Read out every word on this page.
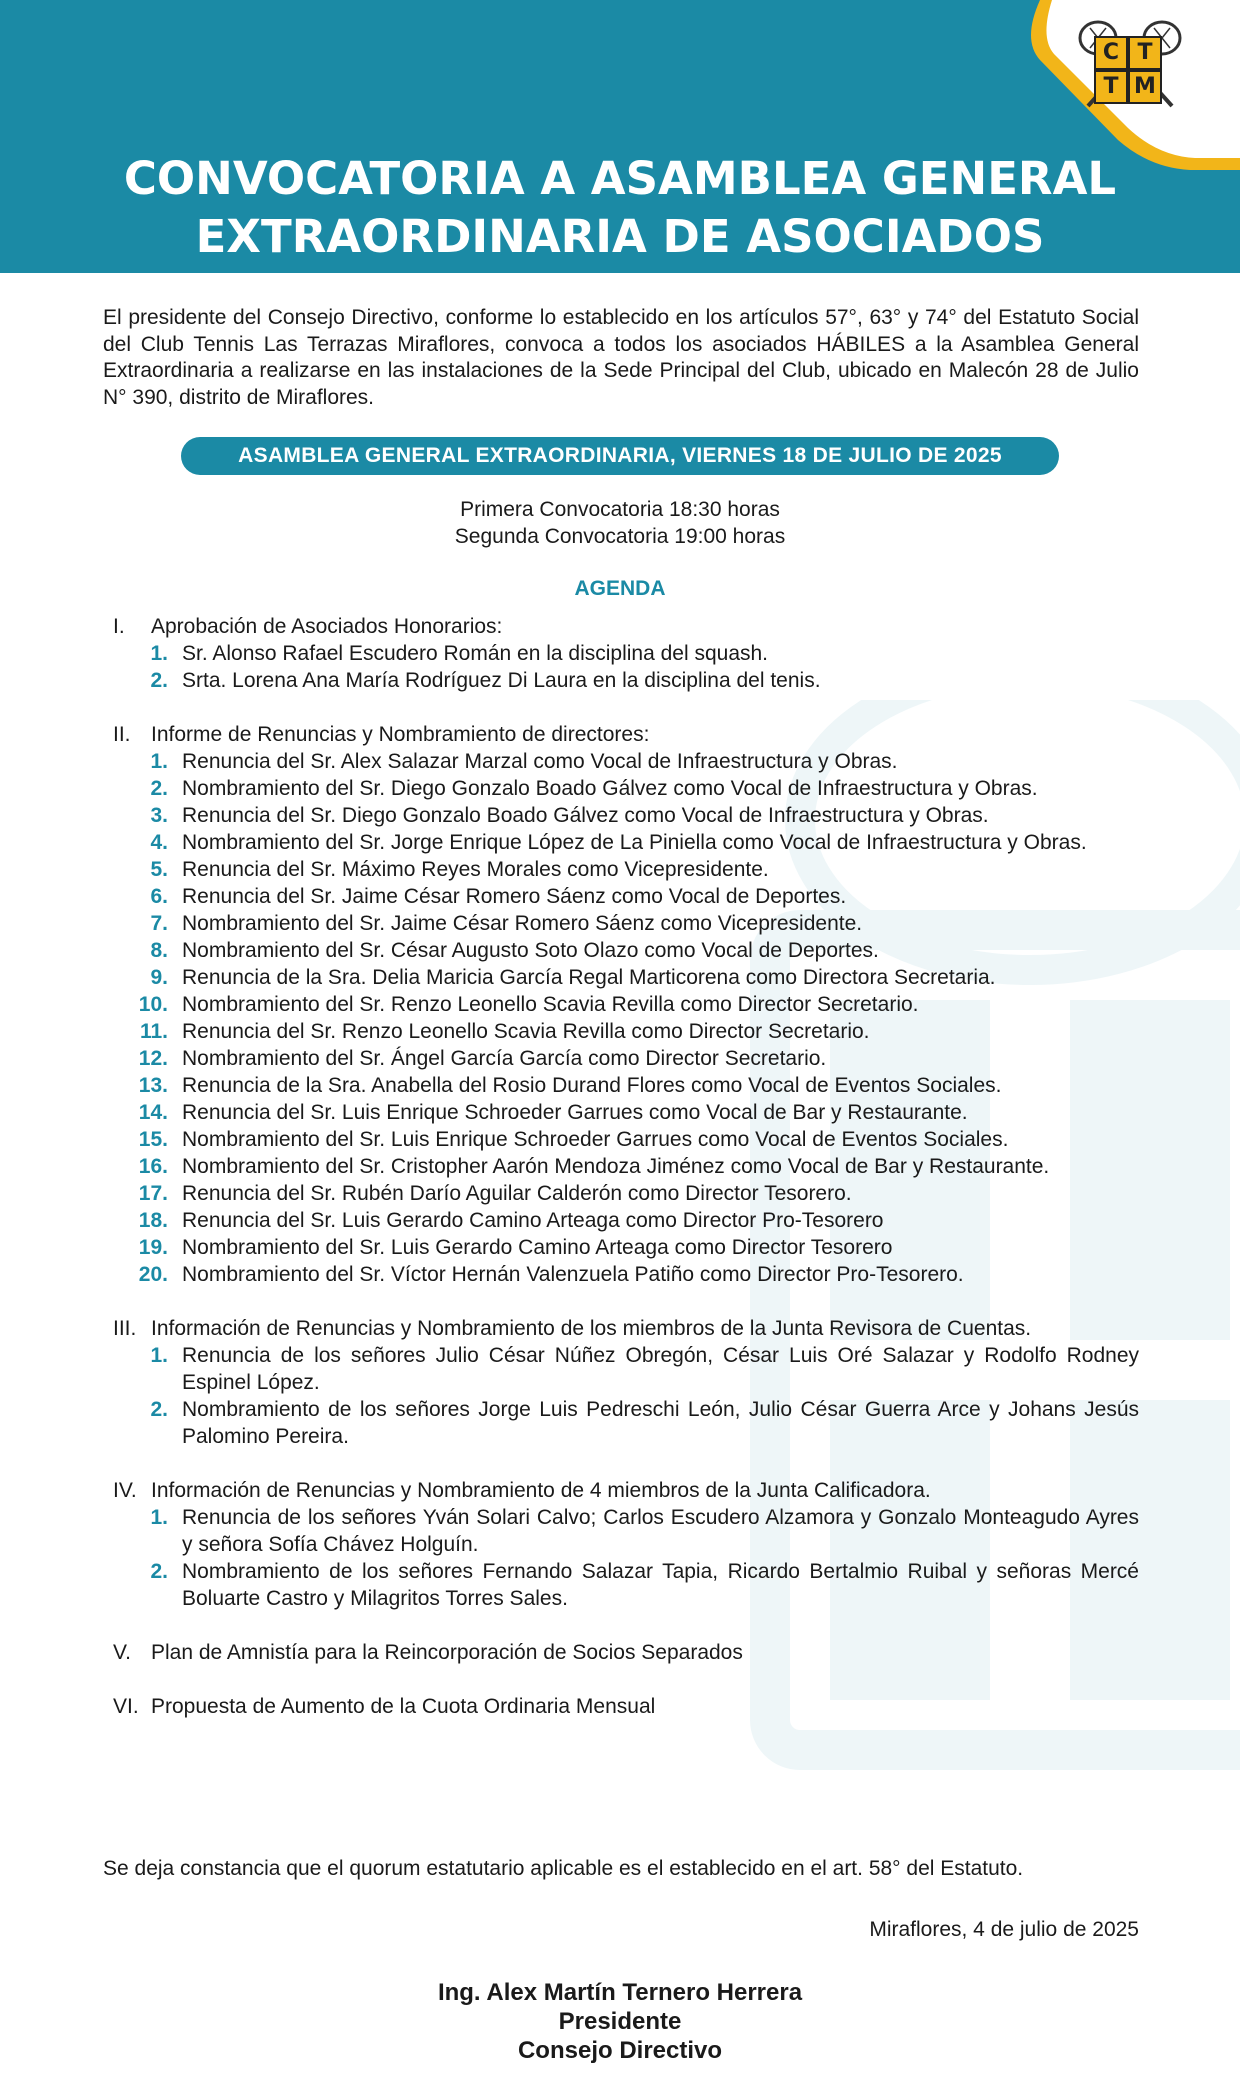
C T
T M
CONVOCATORIA A ASAMBLEA GENERAL
EXTRAORDINARIA DE ASOCIADOS
El presidente del Consejo Directivo, conforme lo establecido en los artículos 57°, 63° y 74° del Estatuto Social del Club Tennis Las Terrazas Miraflores, convoca a todos los asociados HÁBILES a la Asamblea General Extraordinaria a realizarse en las instalaciones de la Sede Principal del Club, ubicado en Malecón 28 de Julio N° 390, distrito de Miraflores.
ASAMBLEA GENERAL EXTRAORDINARIA, VIERNES 18 DE JULIO DE 2025
Primera Convocatoria 18:30 horas
Segunda Convocatoria 19:00 horas
AGENDA
I.	Aprobación de Asociados Honorarios:
1. Sr. Alonso Rafael Escudero Román en la disciplina del squash.
2. Srta. Lorena Ana María Rodríguez Di Laura en la disciplina del tenis.
II. Informe de Renuncias y Nombramiento de directores:
1. Renuncia del Sr. Alex Salazar Marzal como Vocal de Infraestructura y Obras.
2. Nombramiento del Sr. Diego Gonzalo Boado Gálvez como Vocal de Infraestructura y Obras.
3. Renuncia del Sr. Diego Gonzalo Boado Gálvez como Vocal de Infraestructura y Obras.
4. Nombramiento del Sr. Jorge Enrique López de La Piniella como Vocal de Infraestructura y Obras.
5. Renuncia del Sr. Máximo Reyes Morales como Vicepresidente.
6. Renuncia del Sr. Jaime César Romero Sáenz como Vocal de Deportes.
7. Nombramiento del Sr. Jaime César Romero Sáenz como Vicepresidente.
8. Nombramiento del Sr. César Augusto Soto Olazo como Vocal de Deportes.
9. Renuncia de la Sra. Delia Maricia García Regal Marticorena como Directora Secretaria.
10. Nombramiento del Sr. Renzo Leonello Scavia Revilla como Director Secretario.
11. Renuncia del Sr. Renzo Leonello Scavia Revilla como Director Secretario.
12. Nombramiento del Sr. Ángel García García como Director Secretario.
13. Renuncia de la Sra. Anabella del Rosio Durand Flores como Vocal de Eventos Sociales.
14. Renuncia del Sr. Luis Enrique Schroeder Garrues como Vocal de Bar y Restaurante.
15. Nombramiento del Sr. Luis Enrique Schroeder Garrues como Vocal de Eventos Sociales.
16. Nombramiento del Sr. Cristopher Aarón Mendoza Jiménez como Vocal de Bar y Restaurante.
17. Renuncia del Sr. Rubén Darío Aguilar Calderón como Director Tesorero.
18. Renuncia del Sr. Luis Gerardo Camino Arteaga como Director Pro-Tesorero
19. Nombramiento del Sr. Luis Gerardo Camino Arteaga como Director Tesorero
20. Nombramiento del Sr. Víctor Hernán Valenzuela Patiño como Director Pro-Tesorero.
III. Información de Renuncias y Nombramiento de los miembros de la Junta Revisora de Cuentas.
1. Renuncia de los señores Julio César Núñez Obregón, César Luis Oré Salazar y Rodolfo Rodney Espinel López.
2. Nombramiento de los señores Jorge Luis Pedreschi León, Julio César Guerra Arce y Johans Jesús Palomino Pereira.
IV. Información de Renuncias y Nombramiento de 4 miembros de la Junta Calificadora.
1. Renuncia de los señores Yván Solari Calvo; Carlos Escudero Alzamora y Gonzalo Monteagudo Ayres y señora Sofía Chávez Holguín.
2. Nombramiento de los señores Fernando Salazar Tapia, Ricardo Bertalmio Ruibal y señoras Mercé Boluarte Castro y Milagritos Torres Sales.
V. Plan de Amnistía para la Reincorporación de Socios Separados
VI. Propuesta de Aumento de la Cuota Ordinaria Mensual
Se deja constancia que el quorum estatutario aplicable es el establecido en el art. 58° del Estatuto.
Miraflores, 4 de julio de 2025
Ing. Alex Martín Ternero Herrera
Presidente
Consejo Directivo
